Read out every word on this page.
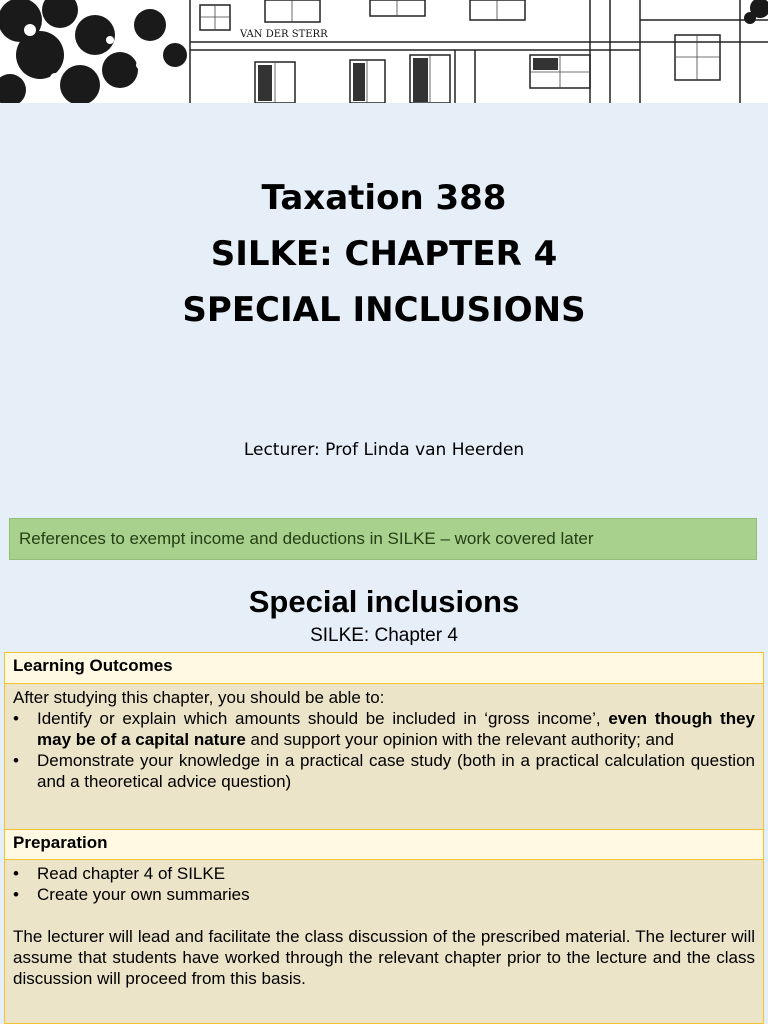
VAN DER STERR
Taxation 388
SILKE: CHAPTER 4
SPECIAL INCLUSIONS
Lecturer: Prof Linda van Heerden
References to exempt income and deductions in SILKE – work covered later
Special inclusions
SILKE: Chapter 4
Learning Outcomes
After studying this chapter, you should be able to:
• Identify or explain which amounts should be included in ‘gross income’, even though they may be of a capital nature and support your opinion with the relevant authority; and
• Demonstrate your knowledge in a practical case study (both in a practical calculation question and a theoretical advice question)
Preparation
• Read chapter 4 of SILKE
• Create your own summaries
The lecturer will lead and facilitate the class discussion of the prescribed material. The lecturer will assume that students have worked through the relevant chapter prior to the lecture and the class discussion will proceed from this basis.
